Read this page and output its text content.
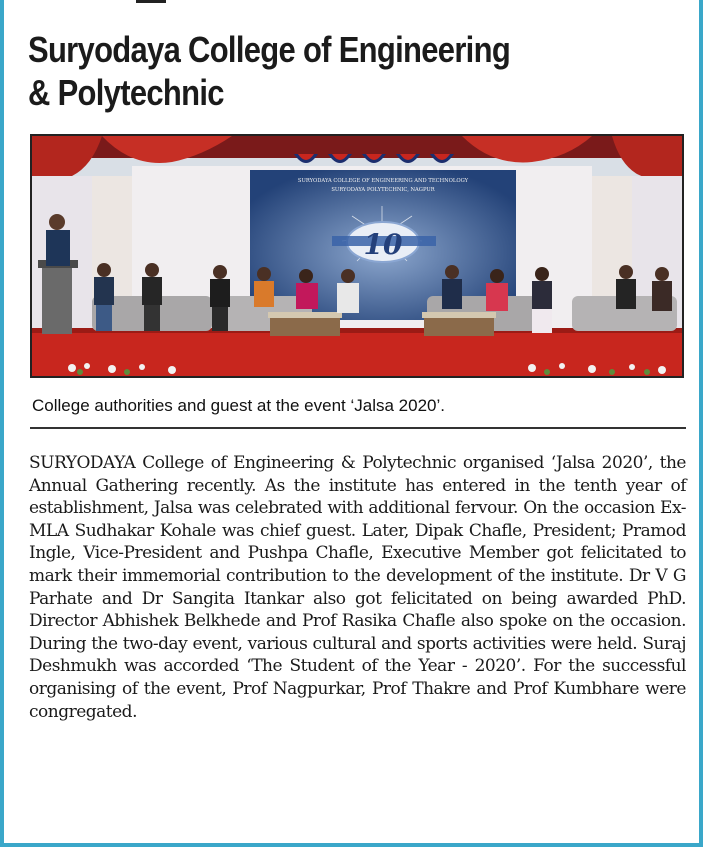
Suryodaya College of Engineering
& Polytechnic
SURYODAYA COLLEGE OF ENGINEERING AND TECHNOLOGY
SURYODAYA POLYTECHNIC, NAGPUR
10
College authorities and guest at the event ‘Jalsa 2020’.
SURYODAYA College of Engineering & Polytechnic organised ‘Jalsa 2020’, the Annual Gathering recently. As the institute has entered in the tenth year of establishment, Jalsa was celebrated with additional fervour. On the occasion Ex-MLA Sudhakar Kohale was chief guest. Later, Dipak Chafle, President; Pramod Ingle, Vice-President and Pushpa Chafle, Executive Member got felicitated to mark their immemorial contribution to the development of the institute. Dr V G Parhate and Dr Sangita Itankar also got felicitated on being awarded PhD. Director Abhishek Belkhede and Prof Rasika Chafle also spoke on the occasion. During the two-day event, various cultural and sports activities were held. Suraj Deshmukh was accorded ‘The Student of the Year - 2020’. For the successful organising of the event, Prof Nagpurkar, Prof Thakre and Prof Kumbhare were congregated.
